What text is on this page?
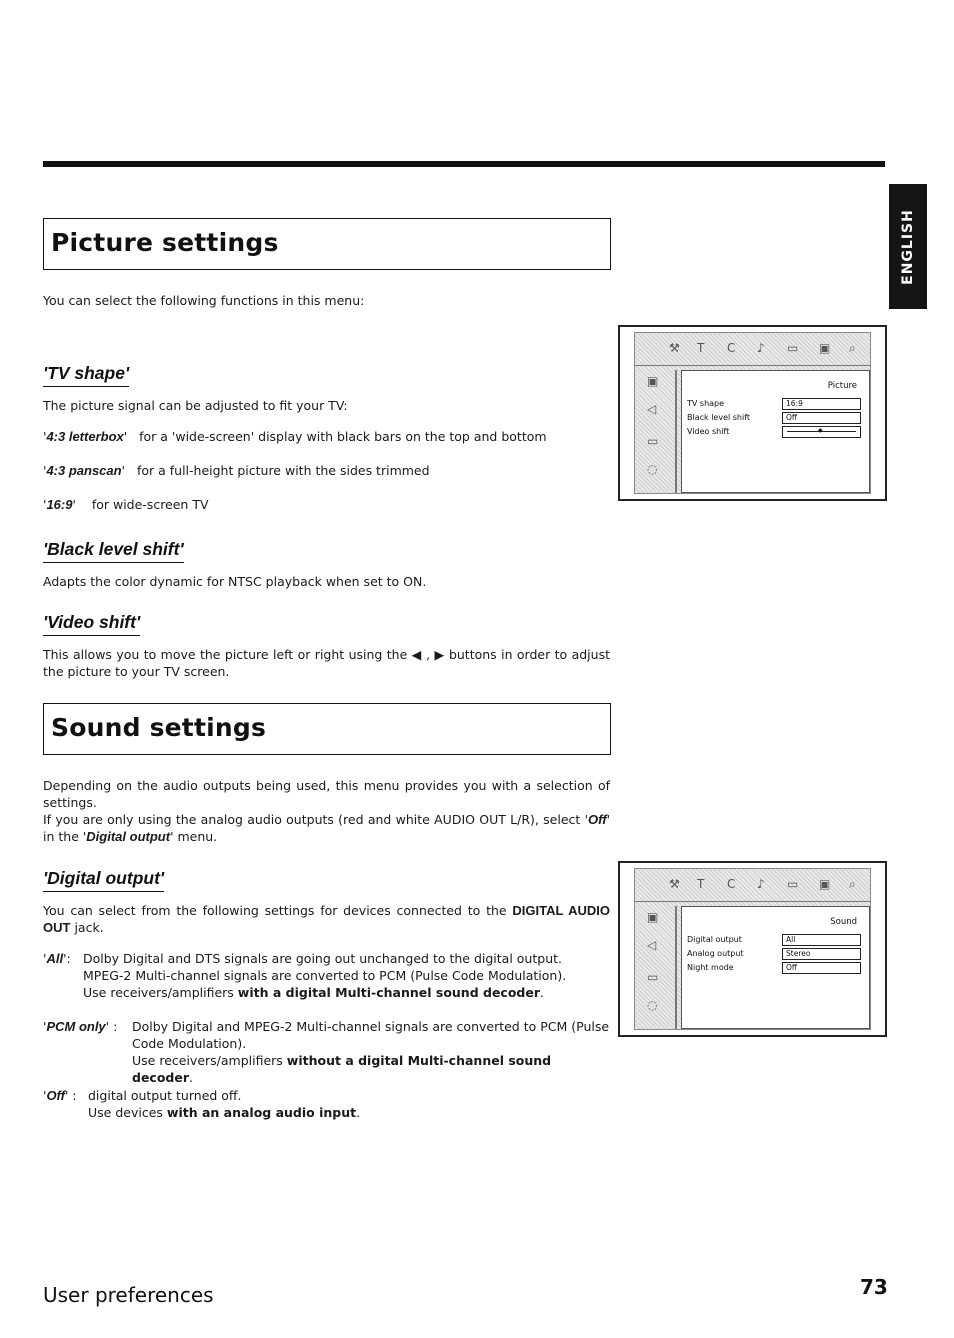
ENGLISH
Picture settings
You can select the following functions in this menu:
'TV shape'
The picture signal can be adjusted to fit your TV:
'4:3 letterbox'   for a 'wide-screen' display with black bars on the top and bottom
'4:3 panscan'   for a full-height picture with the sides trimmed
'16:9'    for wide-screen TV
'Black level shift'
Adapts the color dynamic for NTSC playback when set to ON.
'Video shift'
This allows you to move the picture left or right using the ◀ , ▶ buttons in order to adjust the picture to your TV screen.
⚒ T C ♪ ▭ ▣ ⌕
▣
◁
▭
◌
Picture
TV shape	16:9
Black level shift	Off
Video shift	◆
Sound settings
Depending on the audio outputs being used, this menu provides you with a selection of settings.
If you are only using the analog audio outputs (red and white AUDIO OUT L/R), select 'Off' in the 'Digital output' menu.
'Digital output'
You can select from the following settings for devices connected to the DIGITAL AUDIO OUT jack.
'All': Dolby Digital and DTS signals are going out unchanged to the digital output. MPEG-2 Multi-channel signals are converted to PCM (Pulse Code Modulation).
Use receivers/amplifiers with a digital Multi-channel sound decoder.
'PCM only' : Dolby Digital and MPEG-2 Multi-channel signals are converted to PCM (Pulse Code Modulation).
Use receivers/amplifiers without a digital Multi-channel sound decoder.
'Off' : digital output turned off.
Use devices with an analog audio input.
⚒ T C ♪ ▭ ▣ ⌕
▣
◁
▭
◌
Sound
Digital output	All
Analog output	Stereo
Night mode	Off
User preferences	73
